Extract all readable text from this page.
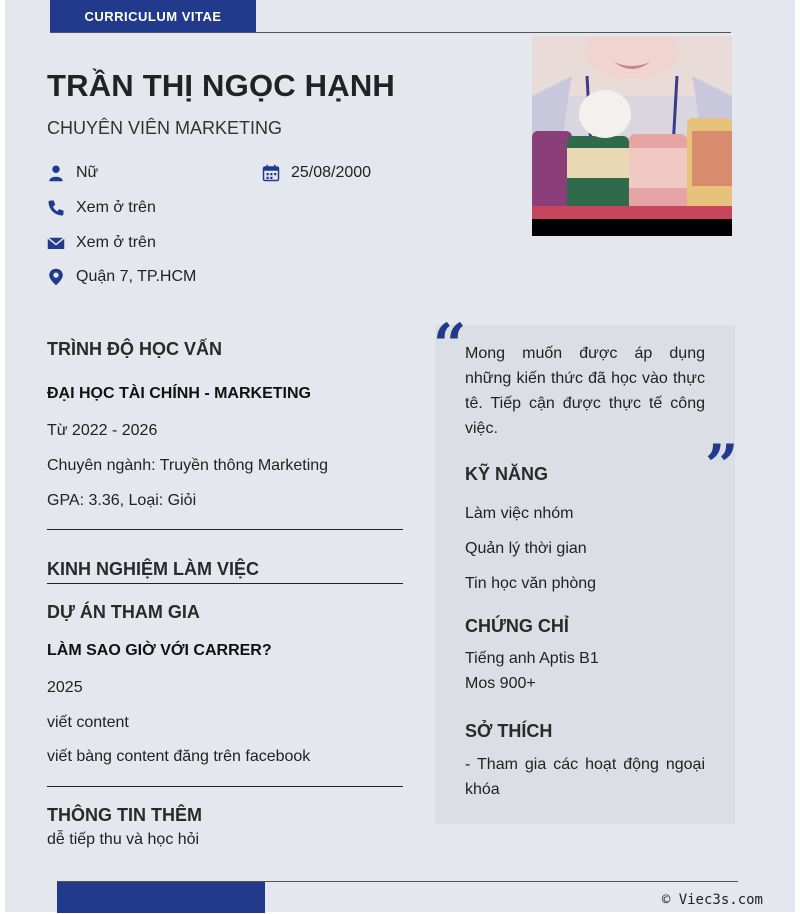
CURRICULUM VITAE
TRẦN THỊ NGỌC HẠNH
CHUYÊN VIÊN MARKETING
Nữ	25/08/2000
Xem ở trên
Xem ở trên
Quận 7, TP.HCM
TRÌNH ĐỘ HỌC VẤN
ĐẠI HỌC TÀI CHÍNH - MARKETING
Từ 2022 - 2026
Chuyên ngành: Truyền thông Marketing
GPA: 3.36, Loại: Giỏi
KINH NGHIỆM LÀM VIỆC
DỰ ÁN THAM GIA
LÀM SAO GIỜ VỚI CARRER?
2025
viết content
viết bàng content đăng trên facebook
THÔNG TIN THÊM
dễ tiếp thu và học hỏi
“
”
Mong muốn được áp dụng những kiến thức đã học vào thực tê. Tiếp cận được thực tế công việc.
KỸ NĂNG
Làm việc nhóm
Quản lý thời gian
Tin học văn phòng
CHỨNG CHỈ
Tiếng anh Aptis B1
Mos 900+
SỞ THÍCH
- Tham gia các hoạt động ngoại khóa
© Viec3s.com
